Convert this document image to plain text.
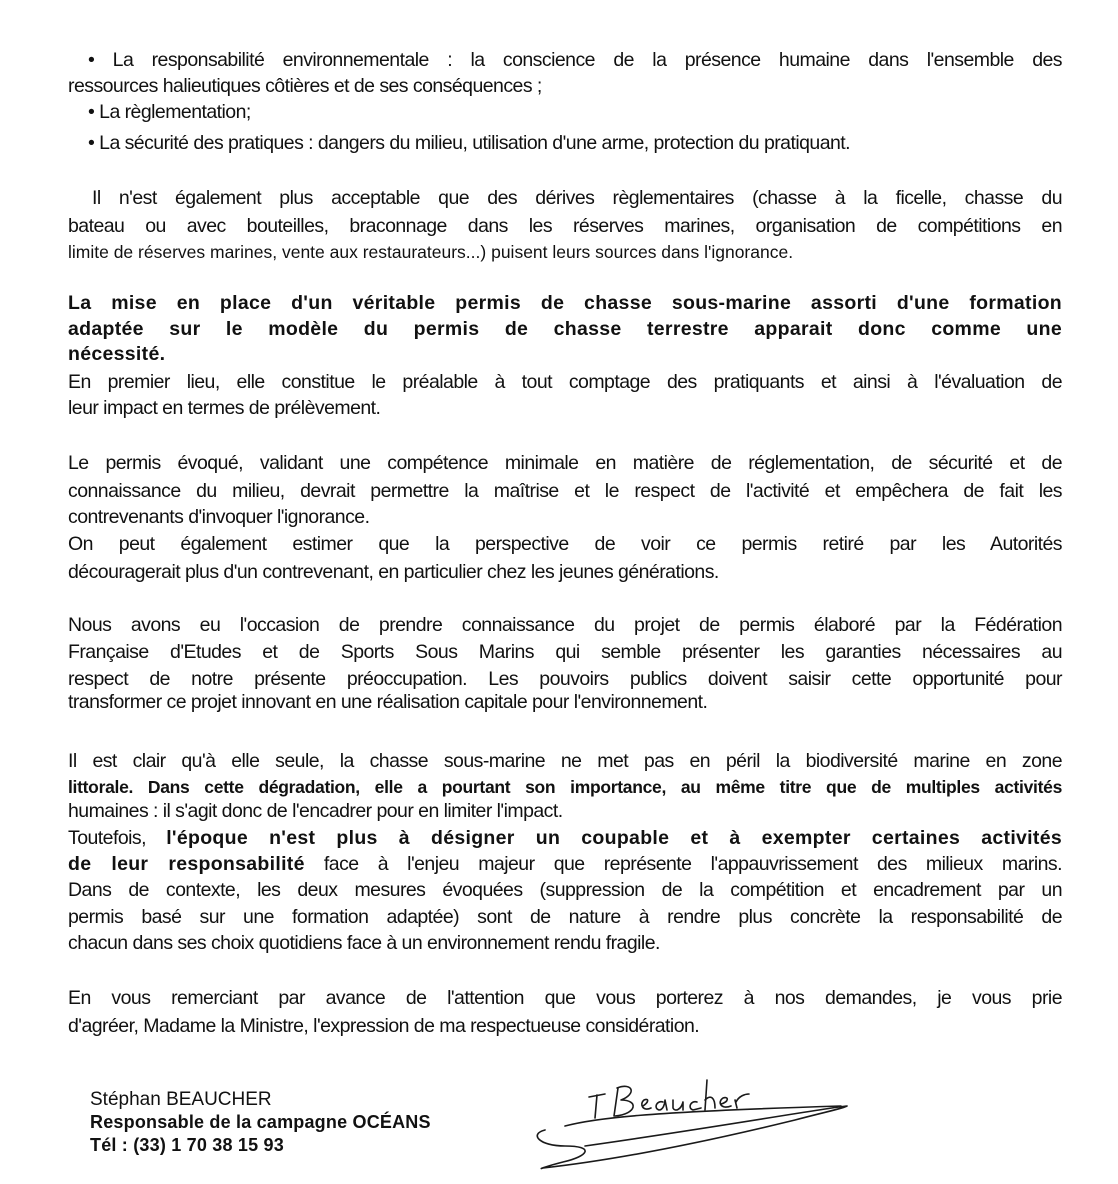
• La responsabilité environnementale : la conscience de la présence humaine dans l'ensemble des
ressources halieutiques côtières et de ses conséquences ;
• La règlementation;
• La sécurité des pratiques : dangers du milieu, utilisation d'une arme, protection du pratiquant.
Il n'est également plus acceptable que des dérives règlementaires (chasse à la ficelle, chasse du
bateau ou avec bouteilles, braconnage dans les réserves marines, organisation de compétitions en
limite de réserves marines, vente aux restaurateurs...) puisent leurs sources dans l'ignorance.
La mise en place d'un véritable permis de chasse sous-marine assorti d'une formation
adaptée sur le modèle du permis de chasse terrestre apparait donc comme une
nécessité.
En premier lieu, elle constitue le préalable à tout comptage des pratiquants et ainsi à l'évaluation de
leur impact en termes de prélèvement.
Le permis évoqué, validant une compétence minimale en matière de réglementation, de sécurité et de
connaissance du milieu, devrait permettre la maîtrise et le respect de l'activité et empêchera de fait les
contrevenants d'invoquer l'ignorance.
On peut également estimer que la perspective de voir ce permis retiré par les Autorités
découragerait plus d'un contrevenant, en particulier chez les jeunes générations.
Nous avons eu l'occasion de prendre connaissance du projet de permis élaboré par la Fédération
Française d'Etudes et de Sports Sous Marins qui semble présenter les garanties nécessaires au
respect de notre présente préoccupation. Les pouvoirs publics doivent saisir cette opportunité pour
transformer ce projet innovant en une réalisation capitale pour l'environnement.
Il est clair qu'à elle seule, la chasse sous-marine ne met pas en péril la biodiversité marine en zone
littorale. Dans cette dégradation, elle a pourtant son importance, au même titre que de multiples activités
humaines : il s'agit donc de l'encadrer pour en limiter l'impact.
Toutefois, l'époque n'est plus à désigner un coupable et à exempter certaines activités
de leur responsabilité face à l'enjeu majeur que représente l'appauvrissement des milieux marins.
Dans de contexte, les deux mesures évoquées (suppression de la compétition et encadrement par un
permis basé sur une formation adaptée) sont de nature à rendre plus concrète la responsabilité de
chacun dans ses choix quotidiens face à un environnement rendu fragile.
En vous remerciant par avance de l'attention que vous porterez à nos demandes, je vous prie
d'agréer, Madame la Ministre, l'expression de ma respectueuse considération.
Stéphan BEAUCHER
Responsable de la campagne OCÉANS
Tél : (33) 1 70 38 15 93
